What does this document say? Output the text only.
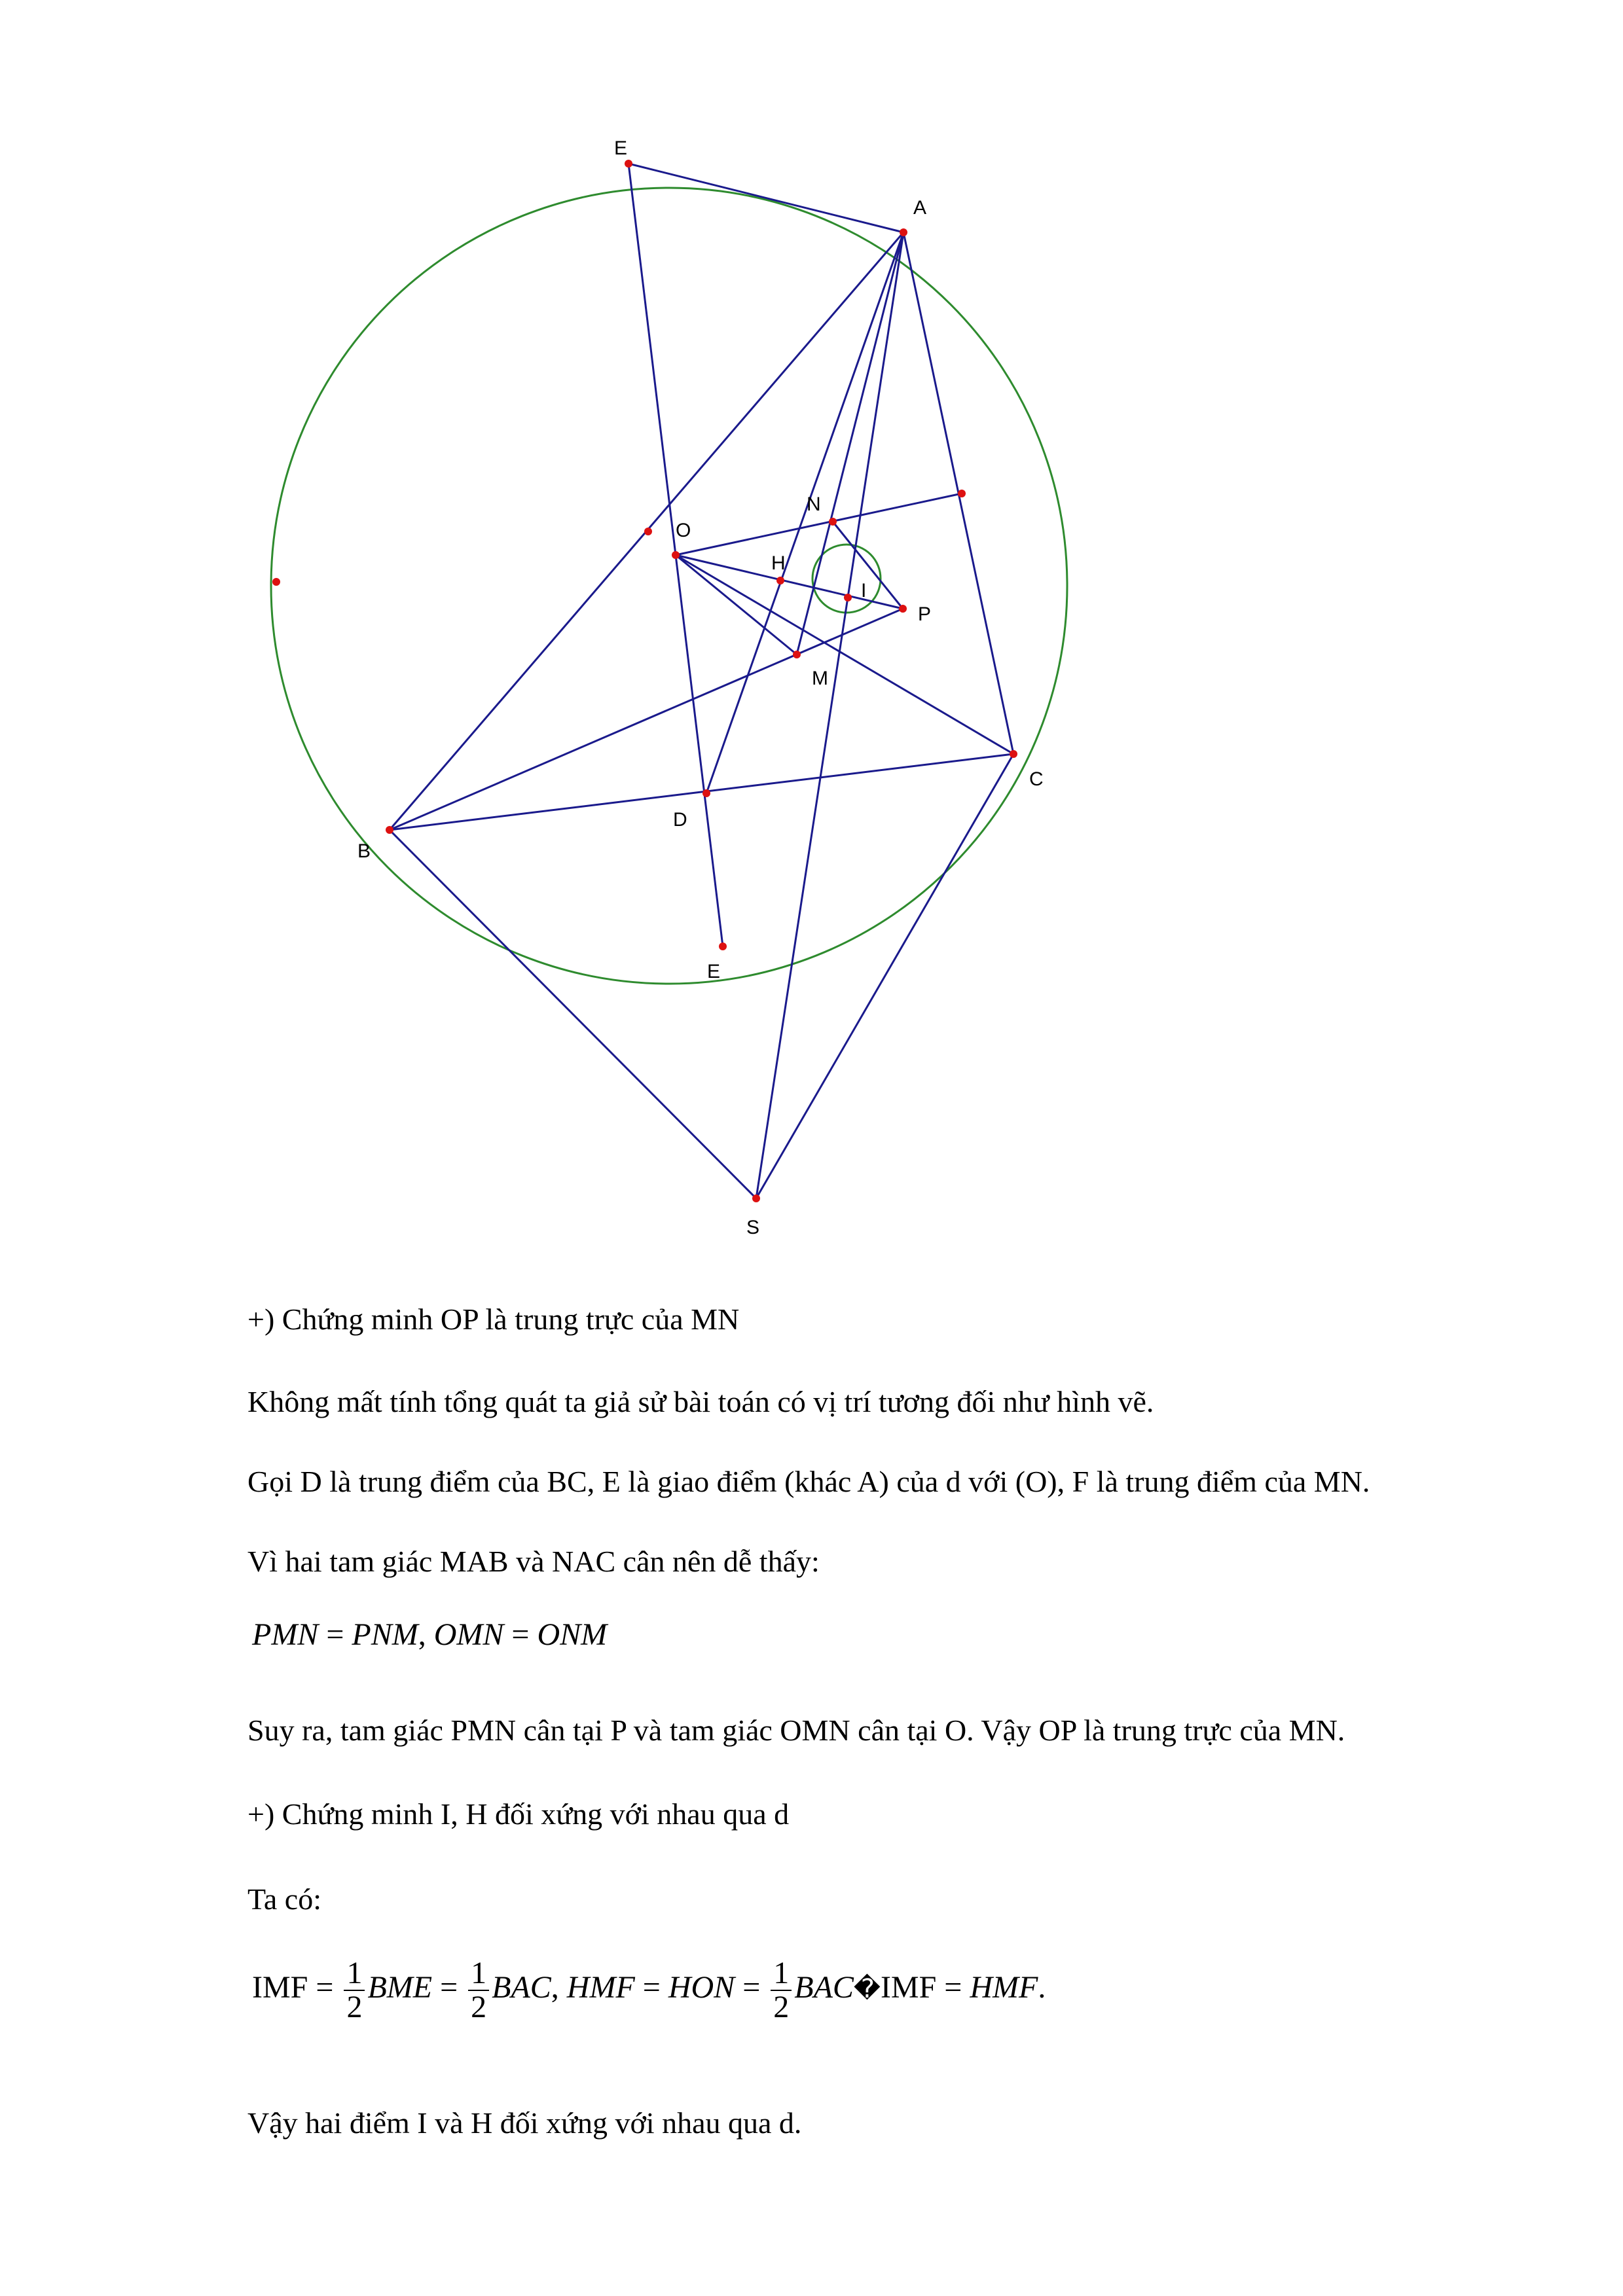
E
A
N
O
H
I
P
M
C
D
B
E
S
+) Chứng minh OP là trung trực của MN
Không mất tính tổng quát ta giả sử bài toán có vị trí tương đối như hình vẽ.
Gọi D là trung điểm của BC, E là giao điểm (khác A) của d với (O), F là trung điểm của MN.
Vì hai tam giác MAB và NAC cân nên dễ thấy:
PMN = PNM, OMN = ONM
Suy ra, tam giác PMN cân tại P và tam giác OMN cân tại O. Vậy OP là trung trực của MN.
+) Chứng minh I, H đối xứng với nhau qua d
Ta có:
IMF = $\frac{1}{2}$ BME = $\frac{1}{2}$ BAC, HMF = HON = $\frac{1}{2}$ BAC�IMF = HMF.
Vậy hai điểm I và H đối xứng với nhau qua d.
